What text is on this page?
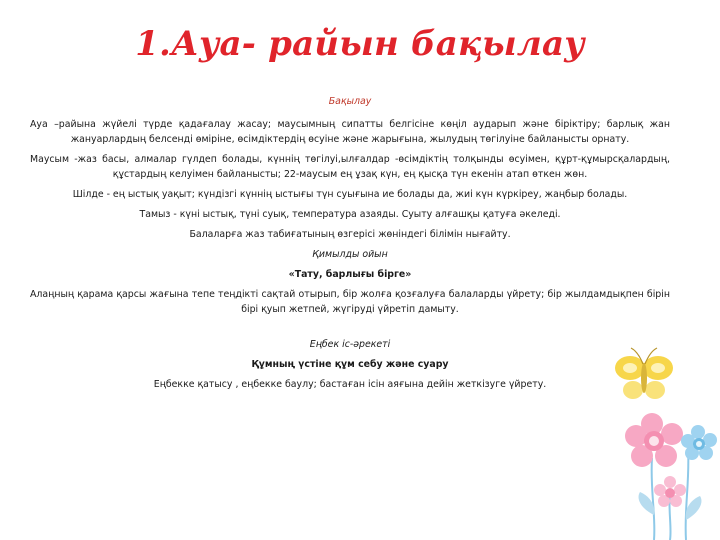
1.Ауа- райын бақылау

Бақылау

Ауа –райына жүйелі түрде қадағалау жасау; маусымның сипатты белгісіне көңіл аударып және біріктіру; барлық жан жануарлардың белсенді өміріне, өсімдіктердің өсуіне және жарығына, жылудың төгілуіне байланысты орнату.

Маусым -жаз басы, алмалар гүлдеп болады, күннің төгілуі,ылғалдар -өсімдіктің толқынды өсуімен, құрт-құмырсқалардың, құстардың келуімен байланысты; 22-маусым ең ұзақ күн, ең қысқа түн екенін атап өткен жөн.

Шілде - ең ыстық уақыт; күндізгі күннің ыстығы түн суығына ие болады да, жиі күн күркіреу, жаңбыр болады.

Тамыз - күні ыстық, түні суық, температура азаяды. Суыту алғашқы қатуға әкеледі.

Балаларға жаз табиғатының өзгерісі жөніндегі білімін нығайту.

Қимылды ойын

«Тату, барлығы бірге»

Алаңның қарама қарсы жағына тепе теңдікті сақтай отырып, бір жолға қозғалуға балаларды үйрету; бір жылдамдықпен бірін бірі қуып жетпей, жүгіруді үйретіп дамыту.

Еңбек іс-әрекеті

Құмның үстіне құм себу және суару

Еңбекке қатысу , еңбекке баулу; бастаған ісін аяғына дейін жеткізуге үйрету.
